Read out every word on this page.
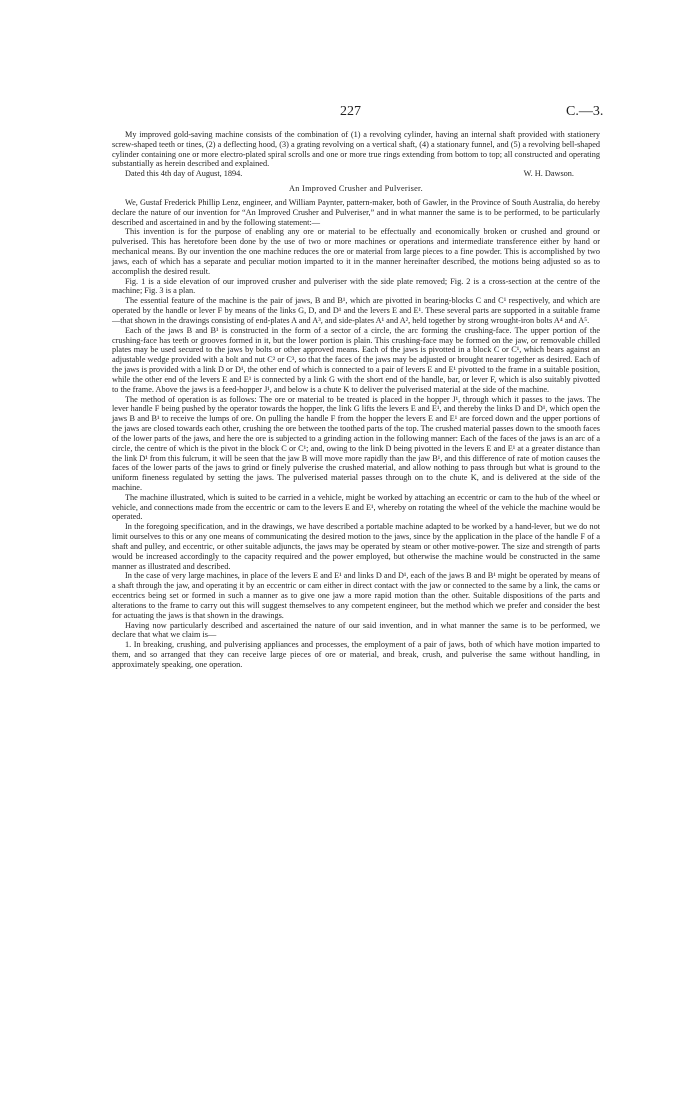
227	C.—3.

My improved gold-saving machine consists of the combination of (1) a revolving cylinder, having an internal shaft provided with stationery screw-shaped teeth or tines, (2) a deflecting hood, (3) a grating revolving on a vertical shaft, (4) a stationary funnel, and (5) a revolving bell-shaped cylinder containing one or more electro-plated spiral scrolls and one or more true rings extending from bottom to top; all constructed and operating substantially as herein described and explained.

Dated this 4th day of August, 1894.	W. H. Dawson.

An Improved Crusher and Pulveriser.

We, Gustaf Frederick Phillip Lenz, engineer, and William Paynter, pattern-maker, both of Gawler, in the Province of South Australia, do hereby declare the nature of our invention for “An Improved Crusher and Pulveriser,” and in what manner the same is to be performed, to be particularly described and ascertained in and by the following statement:—

This invention is for the purpose of enabling any ore or material to be effectually and economically broken or crushed and ground or pulverised. This has heretofore been done by the use of two or more machines or operations and intermediate transference either by hand or mechanical means. By our invention the one machine reduces the ore or material from large pieces to a fine powder. This is accomplished by two jaws, each of which has a separate and peculiar motion imparted to it in the manner hereinafter described, the motions being adjusted so as to accomplish the desired result.

Fig. 1 is a side elevation of our improved crusher and pulveriser with the side plate removed; Fig. 2 is a cross-section at the centre of the machine; Fig. 3 is a plan.

The essential feature of the machine is the pair of jaws, B and B¹, which are pivotted in bearing-blocks C and C¹ respectively, and which are operated by the handle or lever F by means of the links G, D, and D¹ and the levers E and E¹. These several parts are supported in a suitable frame—that shown in the drawings consisting of end-plates A and A³, and side-plates A¹ and A², held together by strong wrought-iron bolts A⁴ and A⁵.

Each of the jaws B and B¹ is constructed in the form of a sector of a circle, the arc forming the crushing-face. The upper portion of the crushing-face has teeth or grooves formed in it, but the lower portion is plain. This crushing-face may be formed on the jaw, or removable chilled plates may be used secured to the jaws by bolts or other approved means. Each of the jaws is pivotted in a block C or C¹, which bears against an adjustable wedge provided with a bolt and nut C² or C³, so that the faces of the jaws may be adjusted or brought nearer together as desired. Each of the jaws is provided with a link D or D¹, the other end of which is connected to a pair of levers E and E¹ pivotted to the frame in a suitable position, while the other end of the levers E and E¹ is connected by a link G with the short end of the handle, bar, or lever F, which is also suitably pivotted to the frame. Above the jaws is a feed-hopper J¹, and below is a chute K to deliver the pulverised material at the side of the machine.

The method of operation is as follows: The ore or material to be treated is placed in the hopper J¹, through which it passes to the jaws. The lever handle F being pushed by the operator towards the hopper, the link G lifts the levers E and E¹, and thereby the links D and D¹, which open the jaws B and B¹ to receive the lumps of ore. On pulling the handle F from the hopper the levers E and E¹ are forced down and the upper portions of the jaws are closed towards each other, crushing the ore between the toothed parts of the top. The crushed material passes down to the smooth faces of the lower parts of the jaws, and here the ore is subjected to a grinding action in the following manner: Each of the faces of the jaws is an arc of a circle, the centre of which is the pivot in the block C or C¹; and, owing to the link D being pivotted in the levers E and E¹ at a greater distance than the link D¹ from this fulcrum, it will be seen that the jaw B will move more rapidly than the jaw B¹, and this difference of rate of motion causes the faces of the lower parts of the jaws to grind or finely pulverise the crushed material, and allow nothing to pass through but what is ground to the uniform fineness regulated by setting the jaws. The pulverised material passes through on to the chute K, and is delivered at the side of the machine.

The machine illustrated, which is suited to be carried in a vehicle, might be worked by attaching an eccentric or cam to the hub of the wheel or vehicle, and connections made from the eccentric or cam to the levers E and E¹, whereby on rotating the wheel of the vehicle the machine would be operated.

In the foregoing specification, and in the drawings, we have described a portable machine adapted to be worked by a hand-lever, but we do not limit ourselves to this or any one means of communicating the desired motion to the jaws, since by the application in the place of the handle F of a shaft and pulley, and eccentric, or other suitable adjuncts, the jaws may be operated by steam or other motive-power. The size and strength of parts would be increased accordingly to the capacity required and the power employed, but otherwise the machine would be constructed in the same manner as illustrated and described.

In the case of very large machines, in place of the levers E and E¹ and links D and D¹, each of the jaws B and B¹ might be operated by means of a shaft through the jaw, and operating it by an eccentric or cam either in direct contact with the jaw or connected to the same by a link, the cams or eccentrics being set or formed in such a manner as to give one jaw a more rapid motion than the other. Suitable dispositions of the parts and alterations to the frame to carry out this will suggest themselves to any competent engineer, but the method which we prefer and consider the best for actuating the jaws is that shown in the drawings.

Having now particularly described and ascertained the nature of our said invention, and in what manner the same is to be performed, we declare that what we claim is—

1. In breaking, crushing, and pulverising appliances and processes, the employment of a pair of jaws, both of which have motion imparted to them, and so arranged that they can receive large pieces of ore or material, and break, crush, and pulverise the same without handling, in approximately speaking, one operation.
